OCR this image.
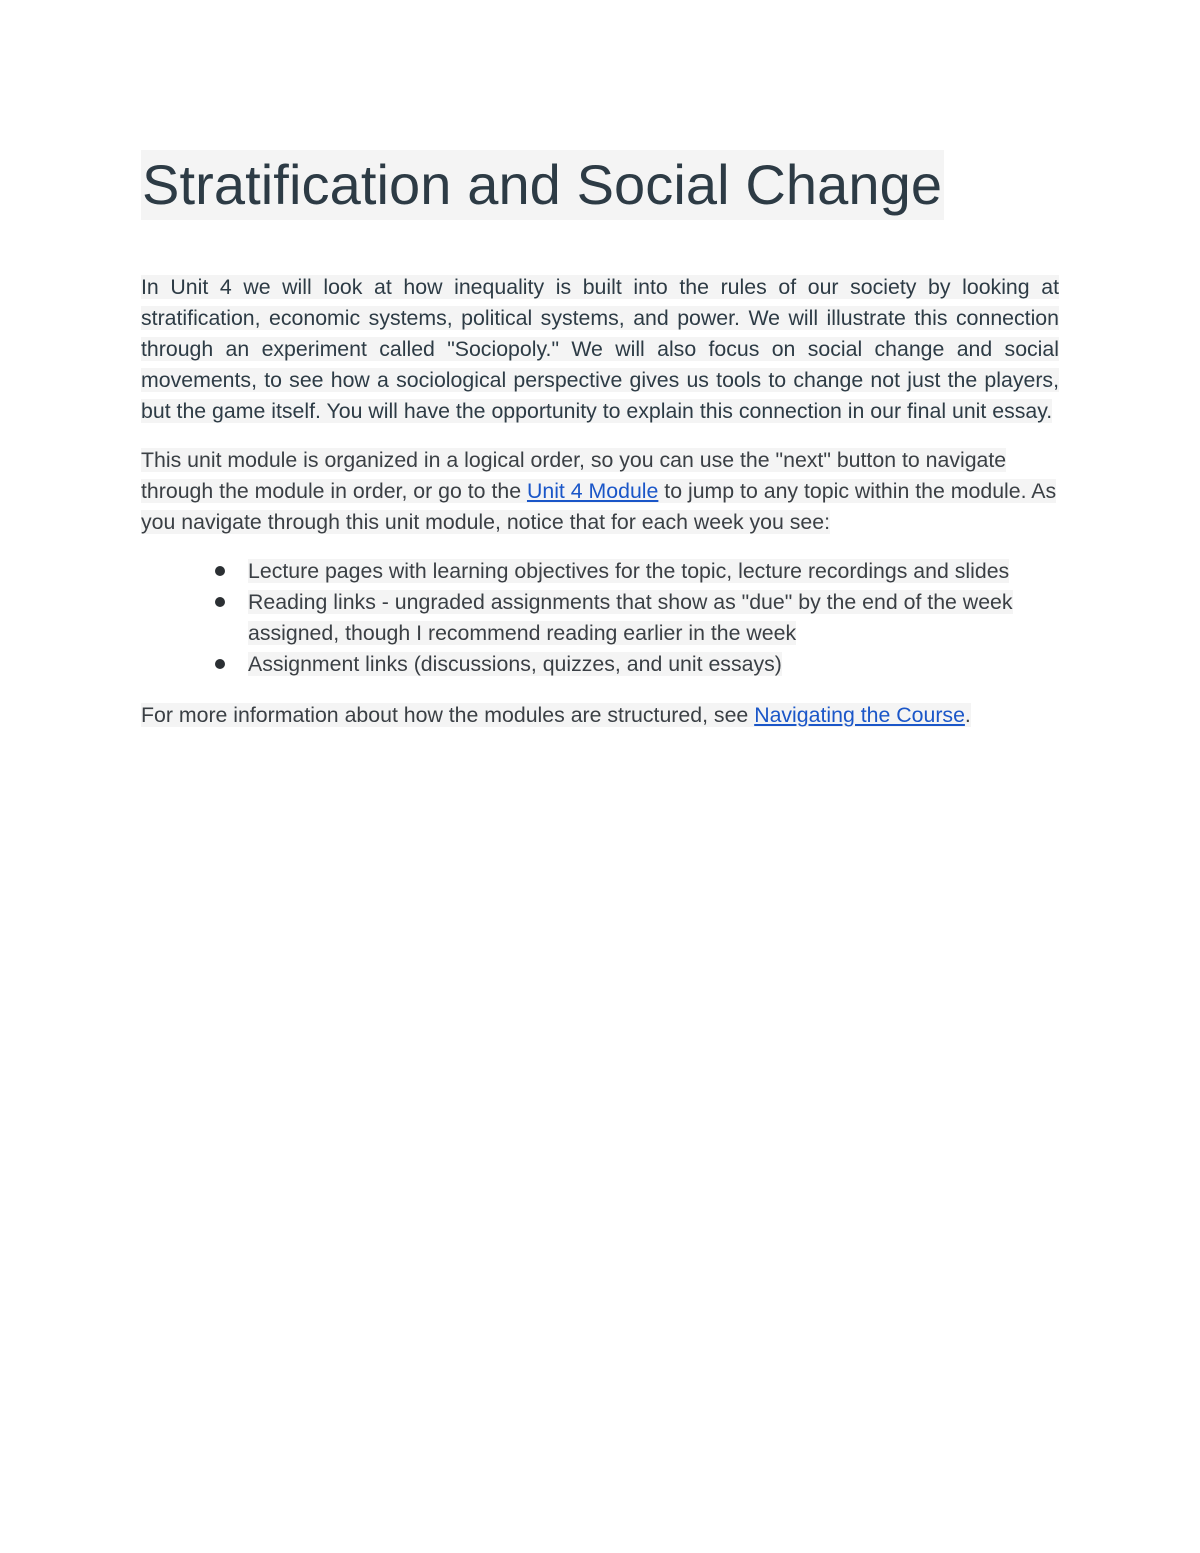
Stratification and Social Change

In Unit 4 we will look at how inequality is built into the rules of our society by looking at stratification, economic systems, political systems, and power. We will illustrate this connection through an experiment called "Sociopoly." We will also focus on social change and social movements, to see how a sociological perspective gives us tools to change not just the players, but the game itself. You will have the opportunity to explain this connection in our final unit essay.

This unit module is organized in a logical order, so you can use the "next" button to navigate through the module in order, or go to the Unit 4 Module to jump to any topic within the module. As you navigate through this unit module, notice that for each week you see:

Lecture pages with learning objectives for the topic, lecture recordings and slides
Reading links - ungraded assignments that show as "due" by the end of the week assigned, though I recommend reading earlier in the week
Assignment links (discussions, quizzes, and unit essays)

For more information about how the modules are structured, see Navigating the Course.
